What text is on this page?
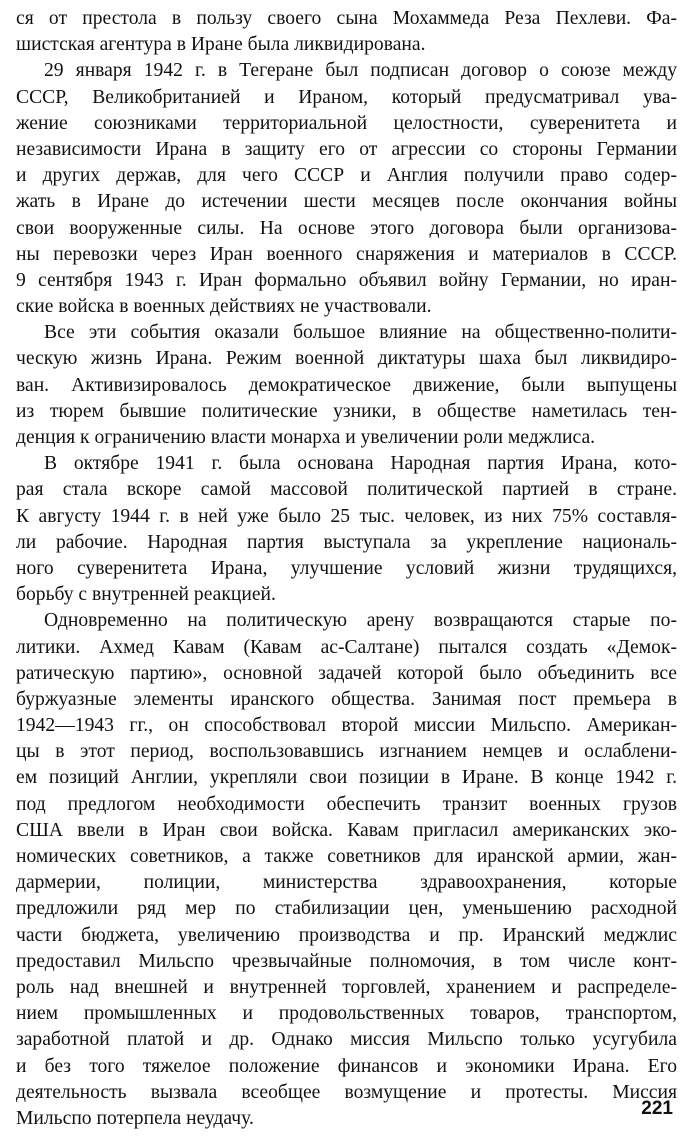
ся от престола в пользу своего сына Мохаммеда Реза Пехлеви. Фа-
шистская агентура в Иране была ликвидирована.
29 января 1942 г. в Тегеране был подписан договор о союзе между
СССР, Великобританией и Ираном, который предусматривал ува-
жение союзниками территориальной целостности, суверенитета и
независимости Ирана в защиту его от агрессии со стороны Германии
и других держав, для чего СССР и Англия получили право содер-
жать в Иране до истечении шести месяцев после окончания войны
свои вооруженные силы. На основе этого договора были организова-
ны перевозки через Иран военного снаряжения и материалов в СССР.
9 сентября 1943 г. Иран формально объявил войну Германии, но иран-
ские войска в военных действиях не участвовали.
Все эти события оказали большое влияние на общественно-полити-
ческую жизнь Ирана. Режим военной диктатуры шаха был ликвидиро-
ван. Активизировалось демократическое движение, были выпущены
из тюрем бывшие политические узники, в обществе наметилась тен-
денция к ограничению власти монарха и увеличении роли меджлиса.
В октябре 1941 г. была основана Народная партия Ирана, кото-
рая стала вскоре самой массовой политической партией в стране.
К августу 1944 г. в ней уже было 25 тыс. человек, из них 75% составля-
ли рабочие. Народная партия выступала за укрепление националь-
ного суверенитета Ирана, улучшение условий жизни трудящихся,
борьбу с внутренней реакцией.
Одновременно на политическую арену возвращаются старые по-
литики. Ахмед Кавам (Кавам ас-Салтане) пытался создать «Демок-
ратическую партию», основной задачей которой было объединить все
буржуазные элементы иранского общества. Занимая пост премьера в
1942—1943 гг., он способствовал второй миссии Мильспо. Американ-
цы в этот период, воспользовавшись изгнанием немцев и ослаблени-
ем позиций Англии, укрепляли свои позиции в Иране. В конце 1942 г.
под предлогом необходимости обеспечить транзит военных грузов
США ввели в Иран свои войска. Кавам пригласил американских эко-
номических советников, а также советников для иранской армии, жан-
дармерии, полиции, министерства здравоохранения, которые
предложили ряд мер по стабилизации цен, уменьшению расходной
части бюджета, увеличению производства и пр. Иранский меджлис
предоставил Мильспо чрезвычайные полномочия, в том числе конт-
роль над внешней и внутренней торговлей, хранением и распределе-
нием промышленных и продовольственных товаров, транспортом,
заработной платой и др. Однако миссия Мильспо только усугубила
и без того тяжелое положение финансов и экономики Ирана. Его
деятельность вызвала всеобщее возмущение и протесты. Миссия
Мильспо потерпела неудачу.	221
